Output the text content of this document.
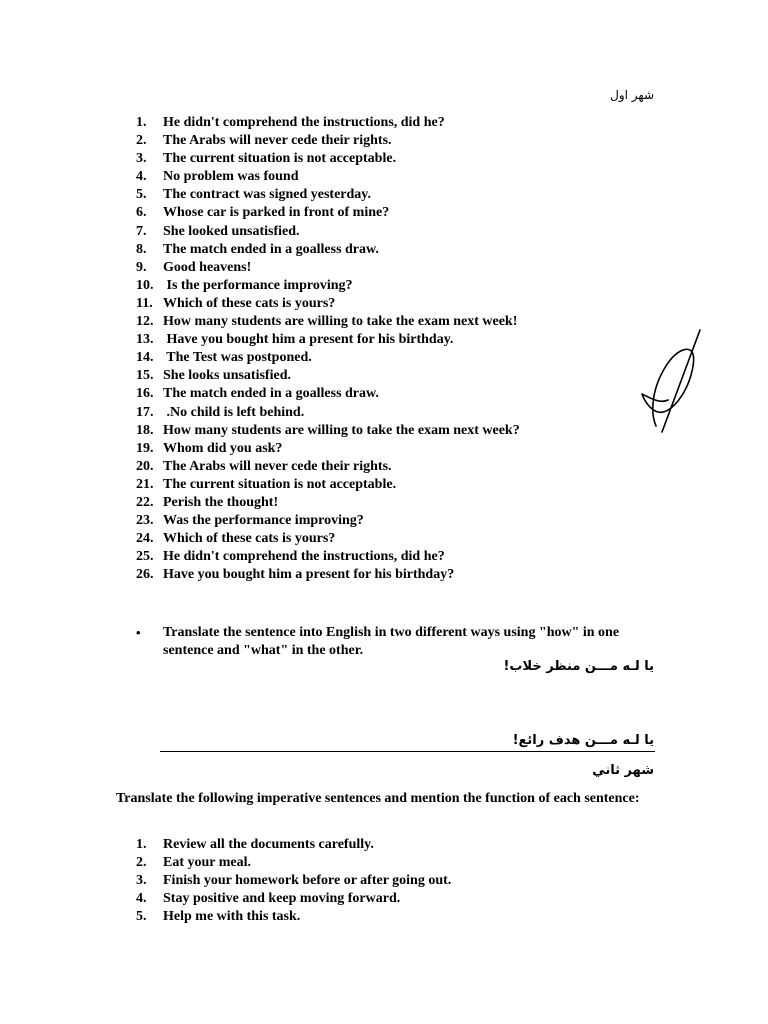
شهر اول
1. He didn't comprehend the instructions, did he?
2. The Arabs will never cede their rights.
3. The current situation is not acceptable.
4. No problem was found
5. The contract was signed yesterday.
6. Whose car is parked in front of mine?
7. She looked unsatisfied.
8. The match ended in a goalless draw.
9. Good heavens!
10. Is the performance improving?
11. Which of these cats is yours?
12. How many students are willing to take the exam next week!
13. Have you bought him a present for his birthday.
14. The Test was postponed.
15. She looks unsatisfied.
16. The match ended in a goalless draw.
17. .No child is left behind.
18. How many students are willing to take the exam next week?
19. Whom did you ask?
20. The Arabs will never cede their rights.
21. The current situation is not acceptable.
22. Perish the thought!
23. Was the performance improving?
24. Which of these cats is yours?
25. He didn't comprehend the instructions, did he?
26. Have you bought him a present for his birthday?
•	Translate the sentence into English in two different ways using "how" in one sentence and "what" in the other.
يا لـه مـــن منظر خلاب!
يا لـه مـــن هدف رائع!
شهر ثاني
Translate the following imperative sentences and mention the function of each sentence:
1. Review all the documents carefully.
2. Eat your meal.
3. Finish your homework before or after going out.
4. Stay positive and keep moving forward.
5. Help me with this task.
